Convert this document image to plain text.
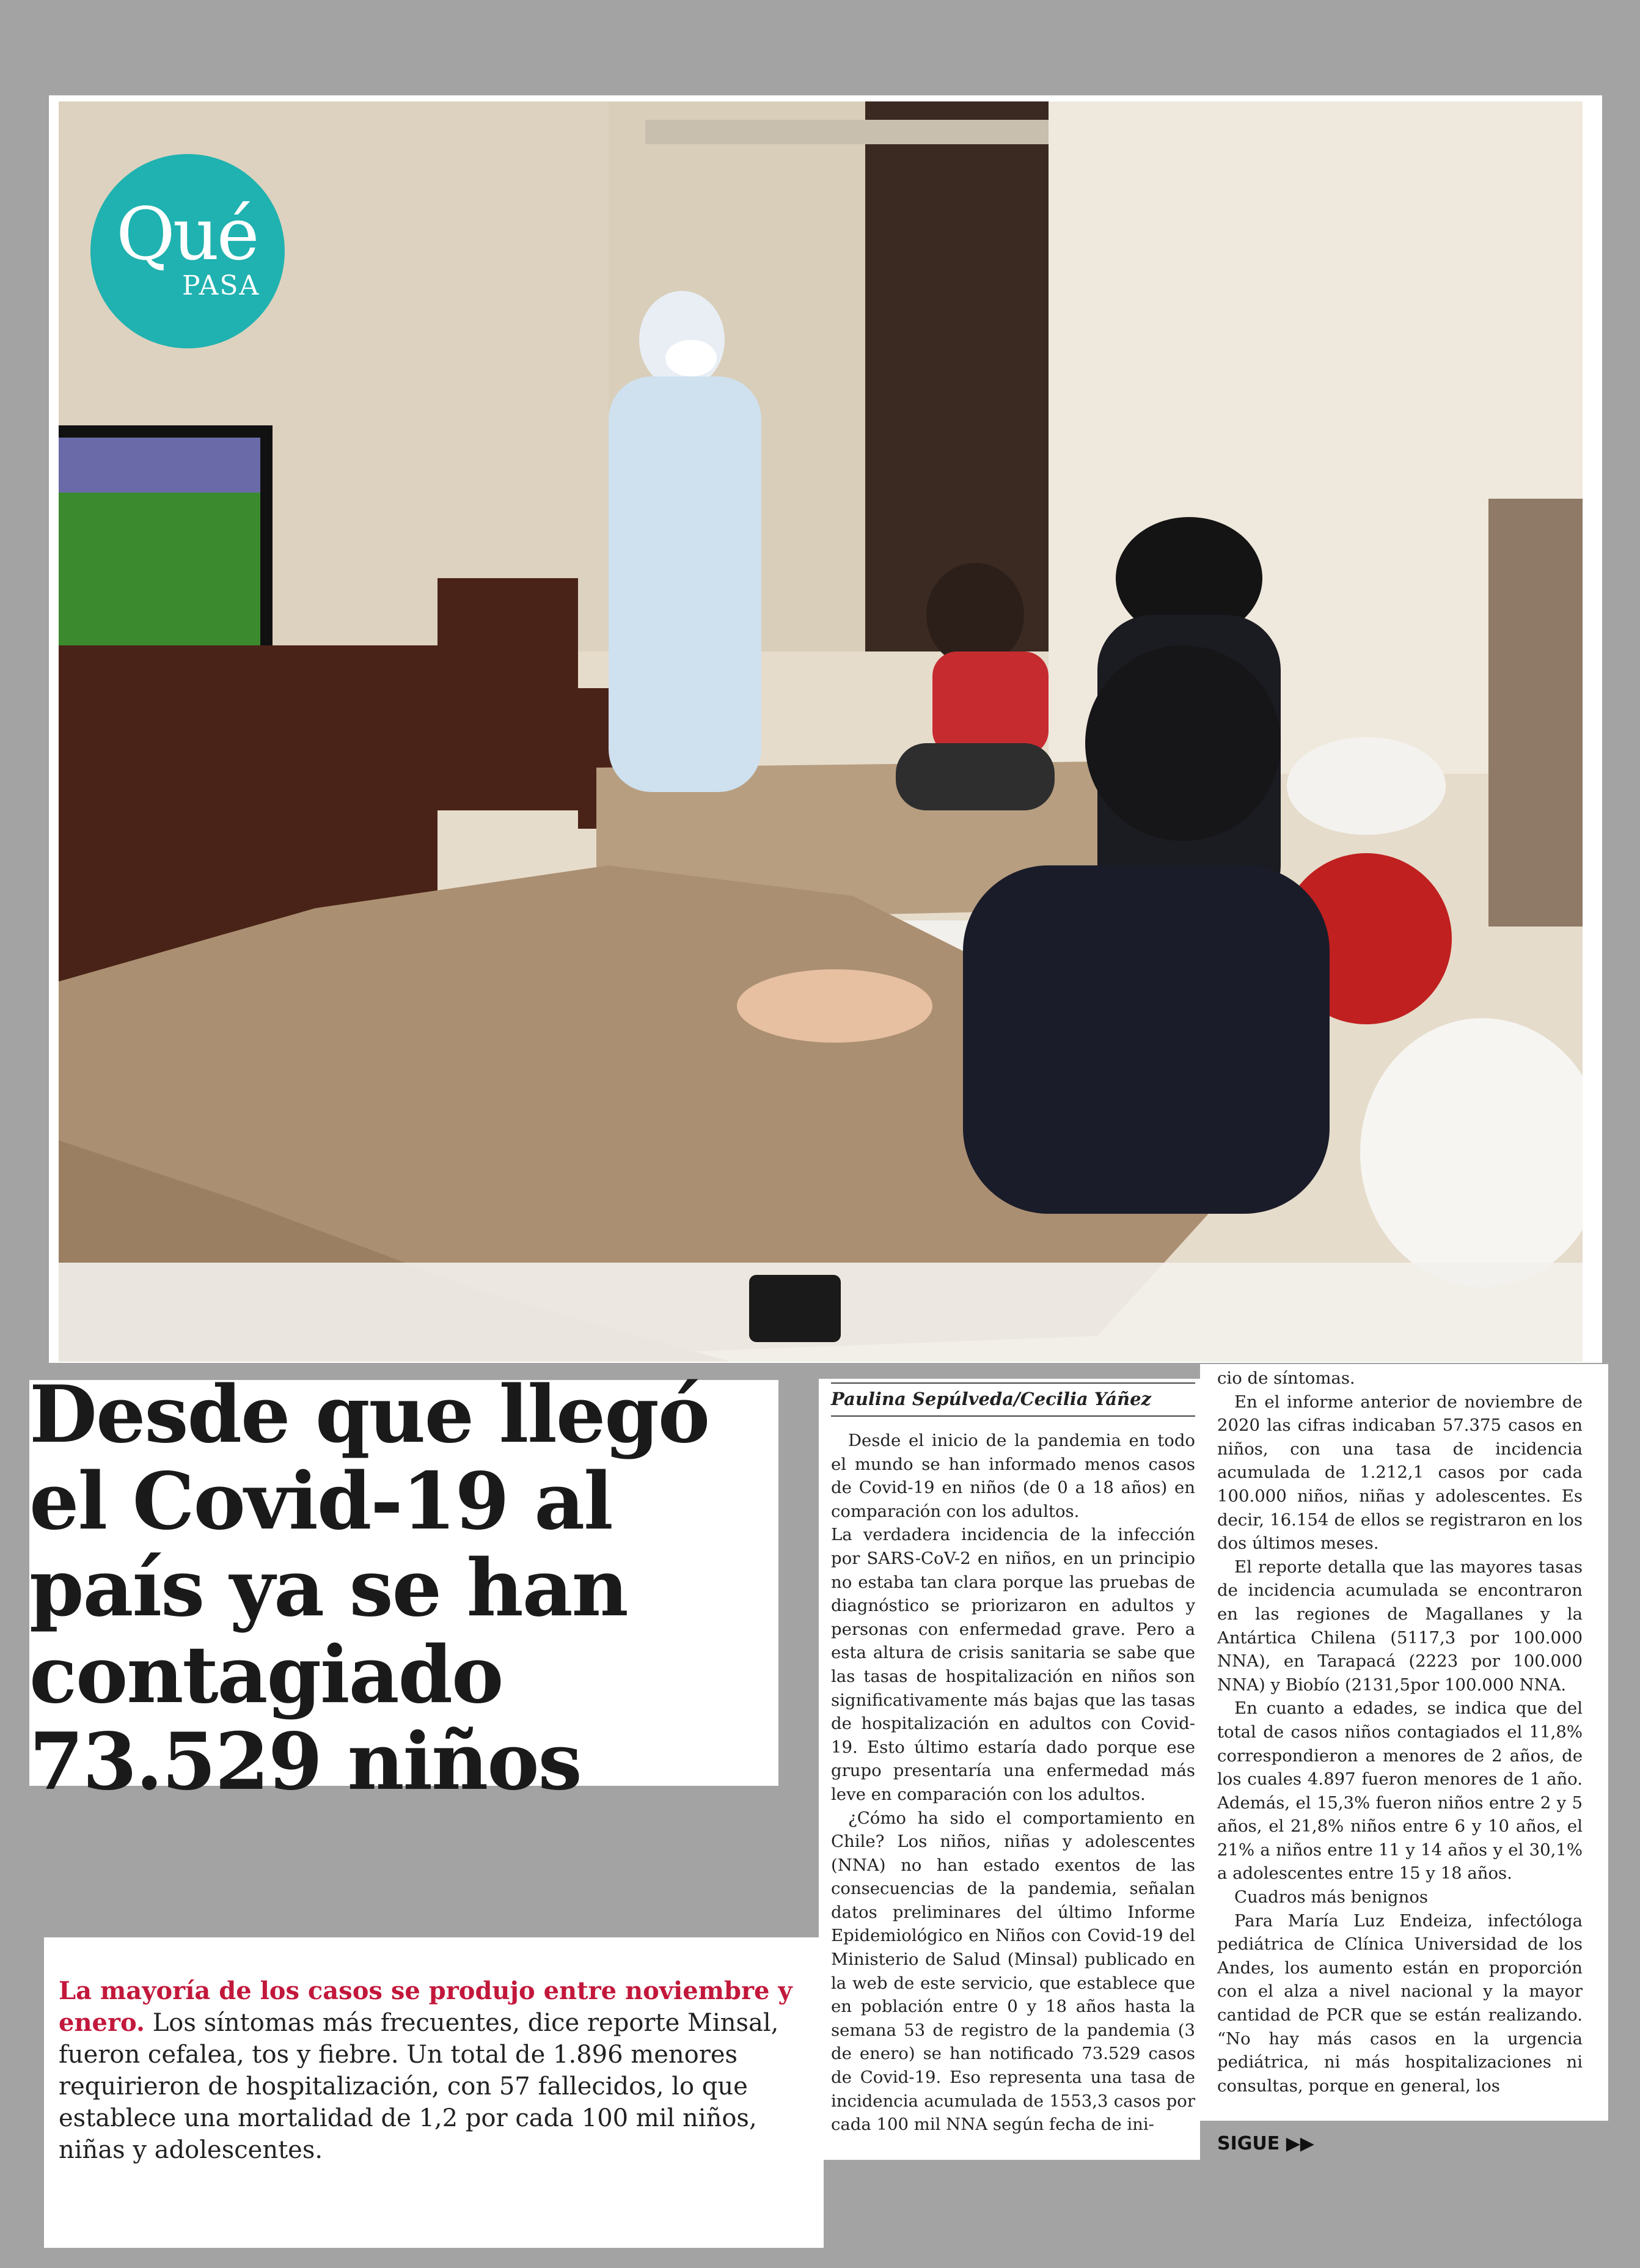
Qué
PASA
Desde que llegó el Covid-19 al país ya se han contagiado 73.529 niños

La mayoría de los casos se produjo entre noviembre y enero. Los síntomas más frecuentes, dice reporte Minsal, fueron cefalea, tos y fiebre. Un total de 1.896 menores requirieron de hospitalización, con 57 fallecidos, lo que establece una mortalidad de 1,2 por cada 100 mil niños, niñas y adolescentes.

Paulina Sepúlveda/Cecilia Yáñez

Desde el inicio de la pandemia en todo el mundo se han informado menos casos de Covid-19 en niños (de 0 a 18 años) en comparación con los adultos.

La verdadera incidencia de la infección por SARS-CoV-2 en niños, en un principio no estaba tan clara porque las pruebas de diagnóstico se priorizaron en adultos y personas con enfermedad grave. Pero a esta altura de crisis sanitaria se sabe que las tasas de hospitalización en niños son significativamente más bajas que las tasas de hospitalización en adultos con Covid-19. Esto último estaría dado porque ese grupo presentaría una enfermedad más leve en comparación con los adultos.

¿Cómo ha sido el comportamiento en Chile? Los niños, niñas y adolescentes (NNA) no han estado exentos de las consecuencias de la pandemia, señalan datos preliminares del último Informe Epidemiológico en Niños con Covid-19 del Ministerio de Salud (Minsal) publicado en la web de este servicio, que establece que en población entre 0 y 18 años hasta la semana 53 de registro de la pandemia (3 de enero) se han notificado 73.529 casos de Covid-19. Eso representa una tasa de incidencia acumulada de 1553,3 casos por cada 100 mil NNA según fecha de ini-

cio de síntomas.

En el informe anterior de noviembre de 2020 las cifras indicaban 57.375 casos en niños, con una tasa de incidencia acumulada de 1.212,1 casos por cada 100.000 niños, niñas y adolescentes. Es decir, 16.154 de ellos se registraron en los dos últimos meses.

El reporte detalla que las mayores tasas de incidencia acumulada se encontraron en las regiones de Magallanes y la Antártica Chilena (5117,3 por 100.000 NNA), en Tarapacá (2223 por 100.000 NNA) y Biobío (2131,5por 100.000 NNA.

En cuanto a edades, se indica que del total de casos niños contagiados el 11,8% correspondieron a menores de 2 años, de los cuales 4.897 fueron menores de 1 año. Además, el 15,3% fueron niños entre 2 y 5 años, el 21,8% niños entre 6 y 10 años, el 21% a niños entre 11 y 14 años y el 30,1% a adolescentes entre 15 y 18 años.

Cuadros más benignos

Para María Luz Endeiza, infectóloga pediátrica de Clínica Universidad de los Andes, los aumento están en proporción con el alza a nivel nacional y la mayor cantidad de PCR que se están realizando. “No hay más casos en la urgencia pediátrica, ni más hospitalizaciones ni consultas, porque en general, los

SIGUE ▶▶
